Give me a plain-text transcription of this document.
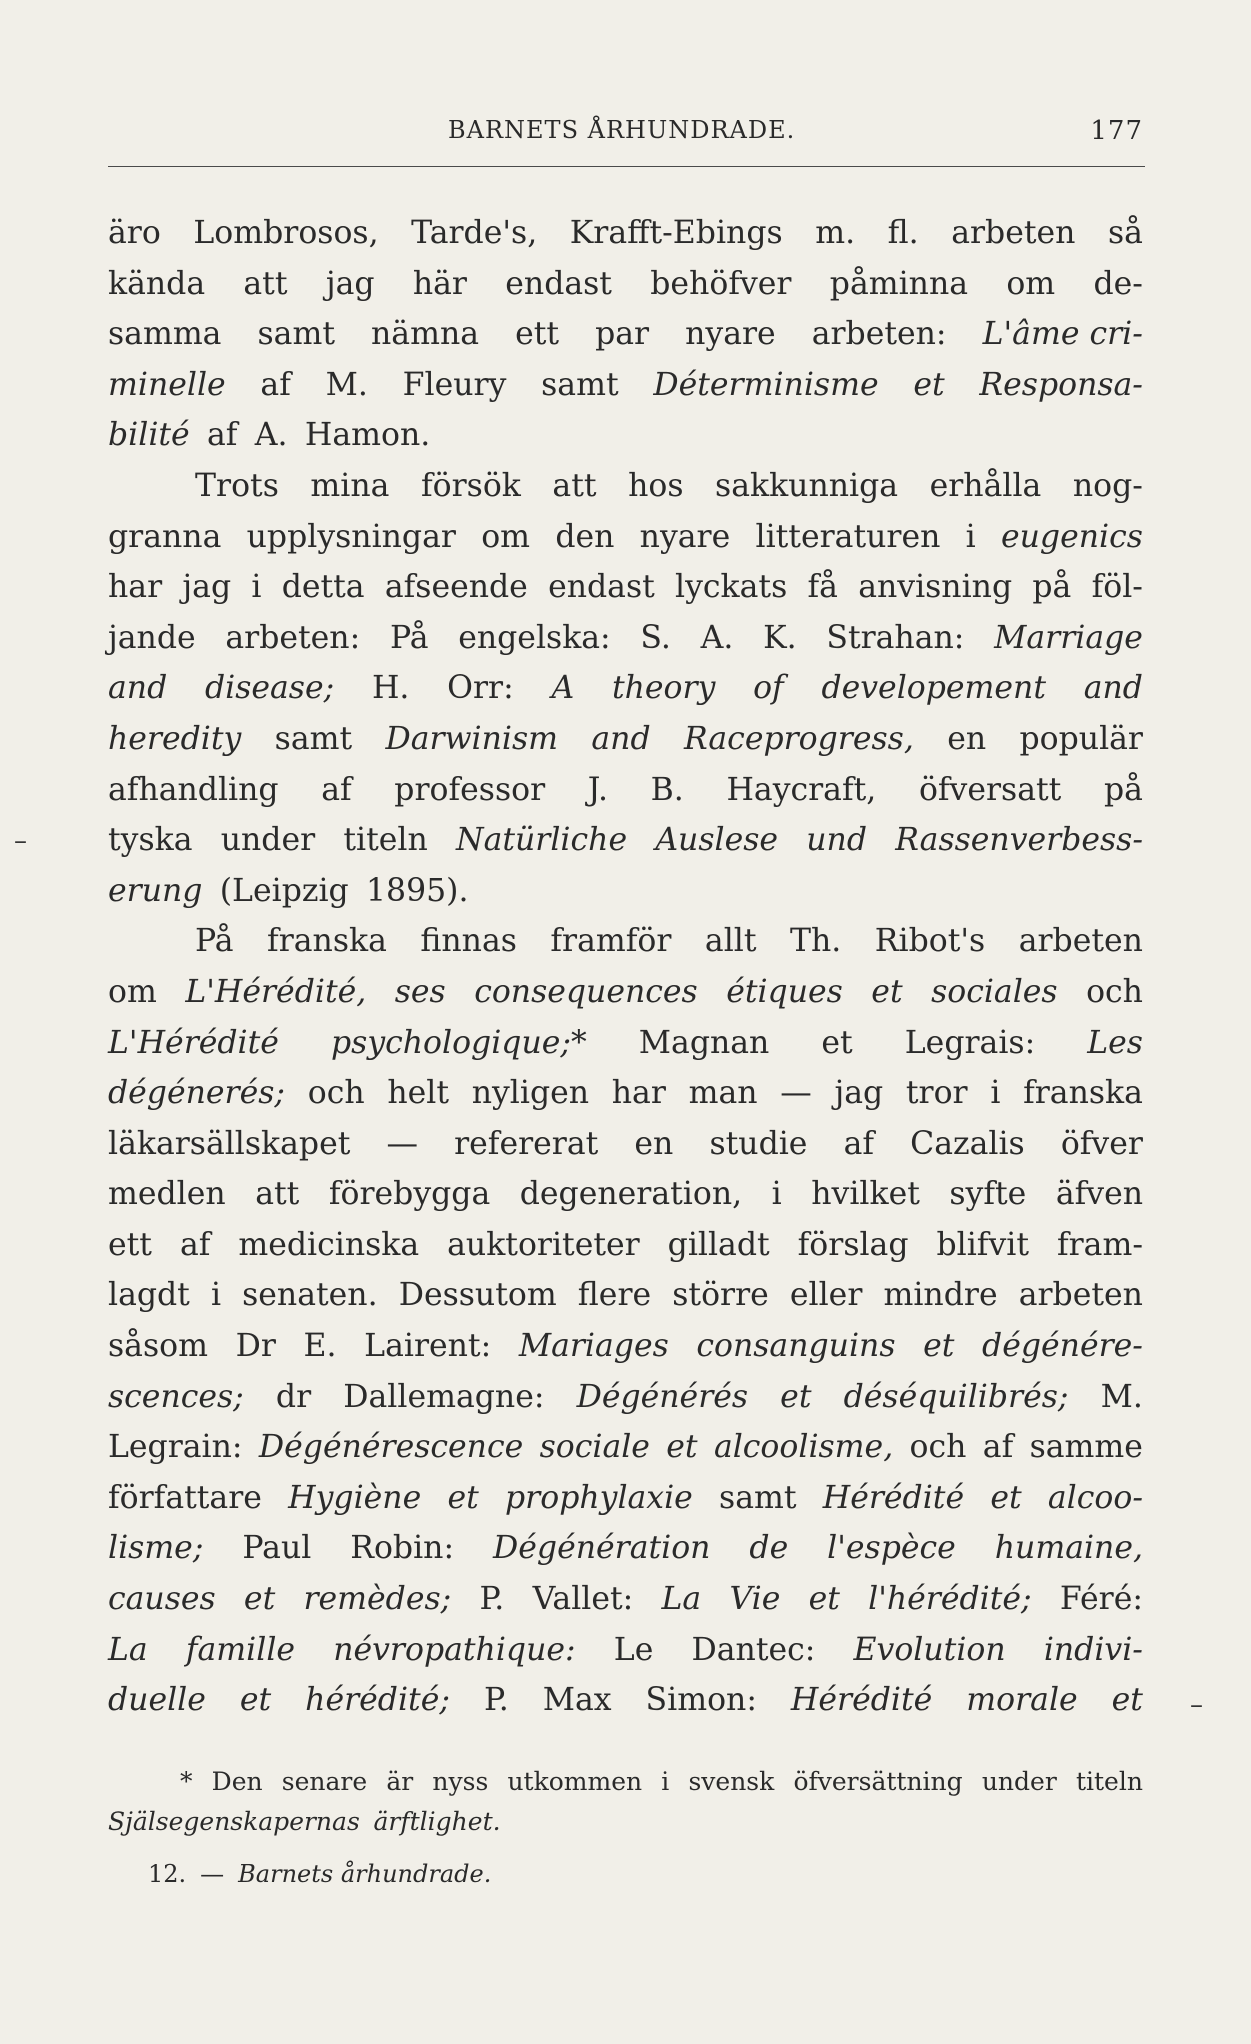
BARNETS ÅRHUNDRADE.	177
äro Lombrosos, Tarde's, Krafft-Ebings m. fl. arbeten så
kända att jag här endast behöfver påminna om de-
samma samt nämna ett par nyare arbeten: L'âme cri-
minelle af M. Fleury samt Déterminisme et Responsa-
bilité af A. Hamon.
Trots mina försök att hos sakkunniga erhålla nog-
granna upplysningar om den nyare litteraturen i eugenics
har jag i detta afseende endast lyckats få anvisning på föl-
jande arbeten: På engelska: S. A. K. Strahan: Marriage
and disease; H. Orr: A theory of developement and
heredity samt Darwinism and Raceprogress, en populär
afhandling af professor J. B. Haycraft, öfversatt på
tyska under titeln Natürliche Auslese und Rassenverbess-
erung (Leipzig 1895).
På franska finnas framför allt Th. Ribot's arbeten
om L'Hérédité, ses consequences étiques et sociales och
L'Hérédité psychologique;* Magnan et Legrais: Les
dégénerés; och helt nyligen har man — jag tror i franska
läkarsällskapet — refererat en studie af Cazalis öfver
medlen att förebygga degeneration, i hvilket syfte äfven
ett af medicinska auktoriteter gilladt förslag blifvit fram-
lagdt i senaten. Dessutom flere större eller mindre arbeten
såsom Dr E. Lairent: Mariages consanguins et dégénére-
scences; dr Dallemagne: Dégénérés et déséquilibrés; M.
Legrain: Dégénérescence sociale et alcoolisme, och af samme
författare Hygiène et prophylaxie samt Hérédité et alcoo-
lisme; Paul Robin: Dégénération de l'espèce humaine,
causes et remèdes; P. Vallet: La Vie et l'hérédité; Féré:
La famille névropathique: Le Dantec: Evolution indivi-
duelle et hérédité; P. Max Simon: Hérédité morale et
* Den senare är nyss utkommen i svensk öfversättning under titeln
Själsegenskapernas ärftlighet.
12. — Barnets århundrade.
–
–
